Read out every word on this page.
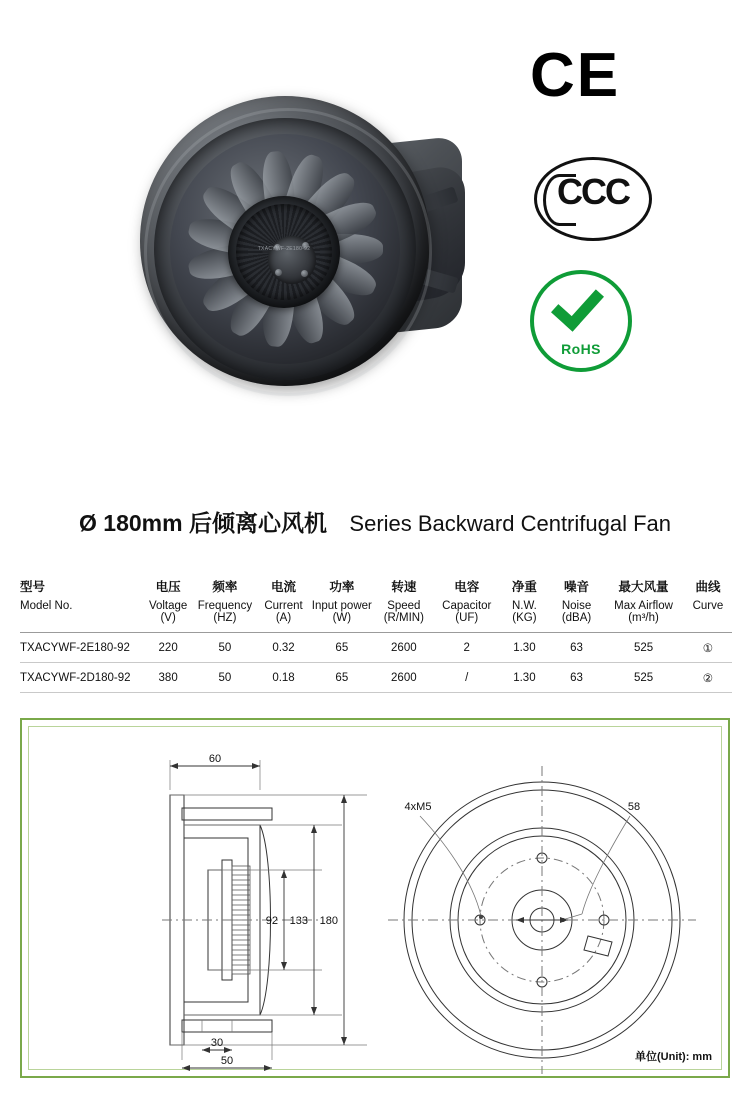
TXACYWF-2E180-92
CE
CCC
RoHS
Ø 180mm 后倾离心风机 Series Backward Centrifugal Fan
型号	电压	频率	电流	功率	转速	电容	净重	噪音	最大风量	曲线
Model No.	Voltage	Frequency	Current	Input power	Speed	Capacitor	N.W.	Noise	Max Airflow	Curve
	(V)	(HZ)	(A)	(W)	(R/MIN)	(UF)	(KG)	(dBA)	(m³/h)	
TXACYWF-2E180-92	220	50	0.32	65	2600	2	1.30	63	525	①
TXACYWF-2D180-92	380	50	0.18	65	2600	/	1.30	63	525	②
60
92 133 180
30
50
4xM5	58
单位(Unit): mm
